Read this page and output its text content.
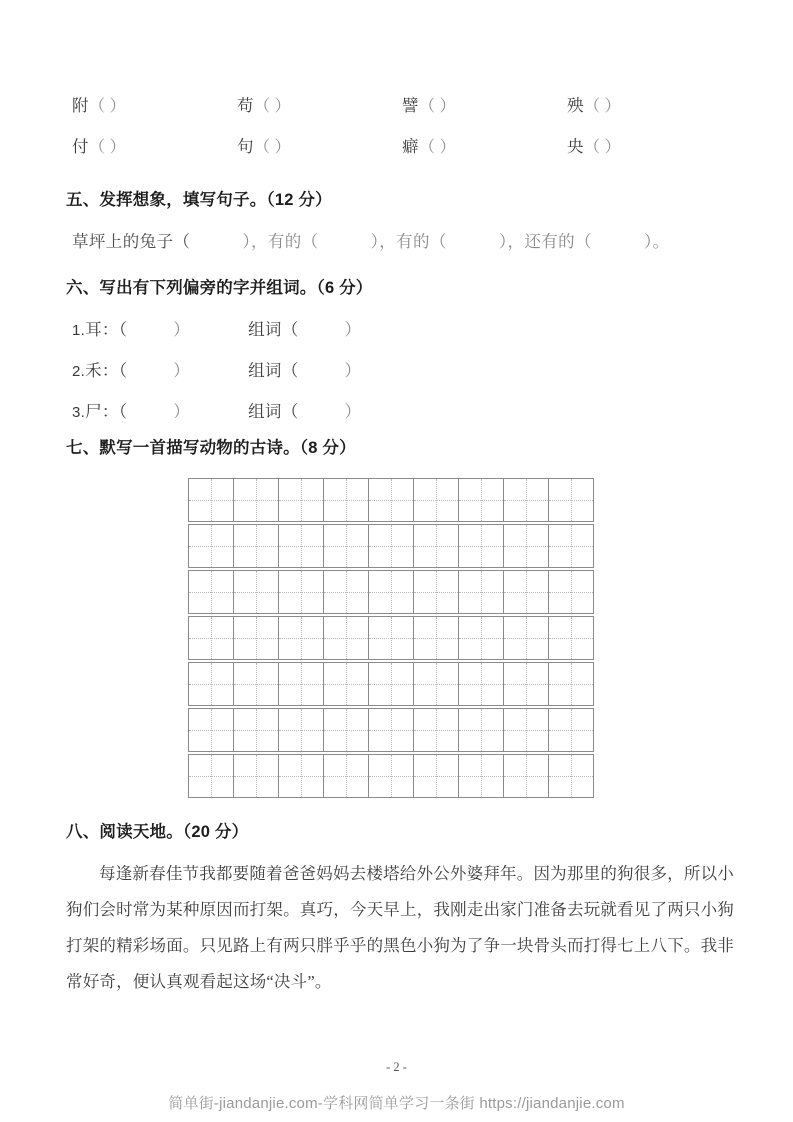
附（ ）	苟（ ）	譬（ ）	殃（ ）
付（ ）	句（ ）	癖（ ）	央（ ）
五、发挥想象，填写句子。（12 分）
草坪上的兔子（	），有的（	），有的（	），还有的（	）。
六、写出有下列偏旁的字并组词。（6 分）
1.耳：（	）	组词（	）
2.禾：（	）	组词（	）
3.尸：（	）	组词（	）
七、默写一首描写动物的古诗。（8 分）
八、阅读天地。（20 分）

每逢新春佳节我都要随着爸爸妈妈去楼塔给外公外婆拜年。因为那里的狗很多，所以小狗们会时常为某种原因而打架。真巧，今天早上，我刚走出家门准备去玩就看见了两只小狗打架的精彩场面。只见路上有两只胖乎乎的黑色小狗为了争一块骨头而打得七上八下。我非常好奇，便认真观看起这场“决斗”。

- 2 -
简单街-jiandanjie.com-学科网简单学习一条街 https://jiandanjie.com
